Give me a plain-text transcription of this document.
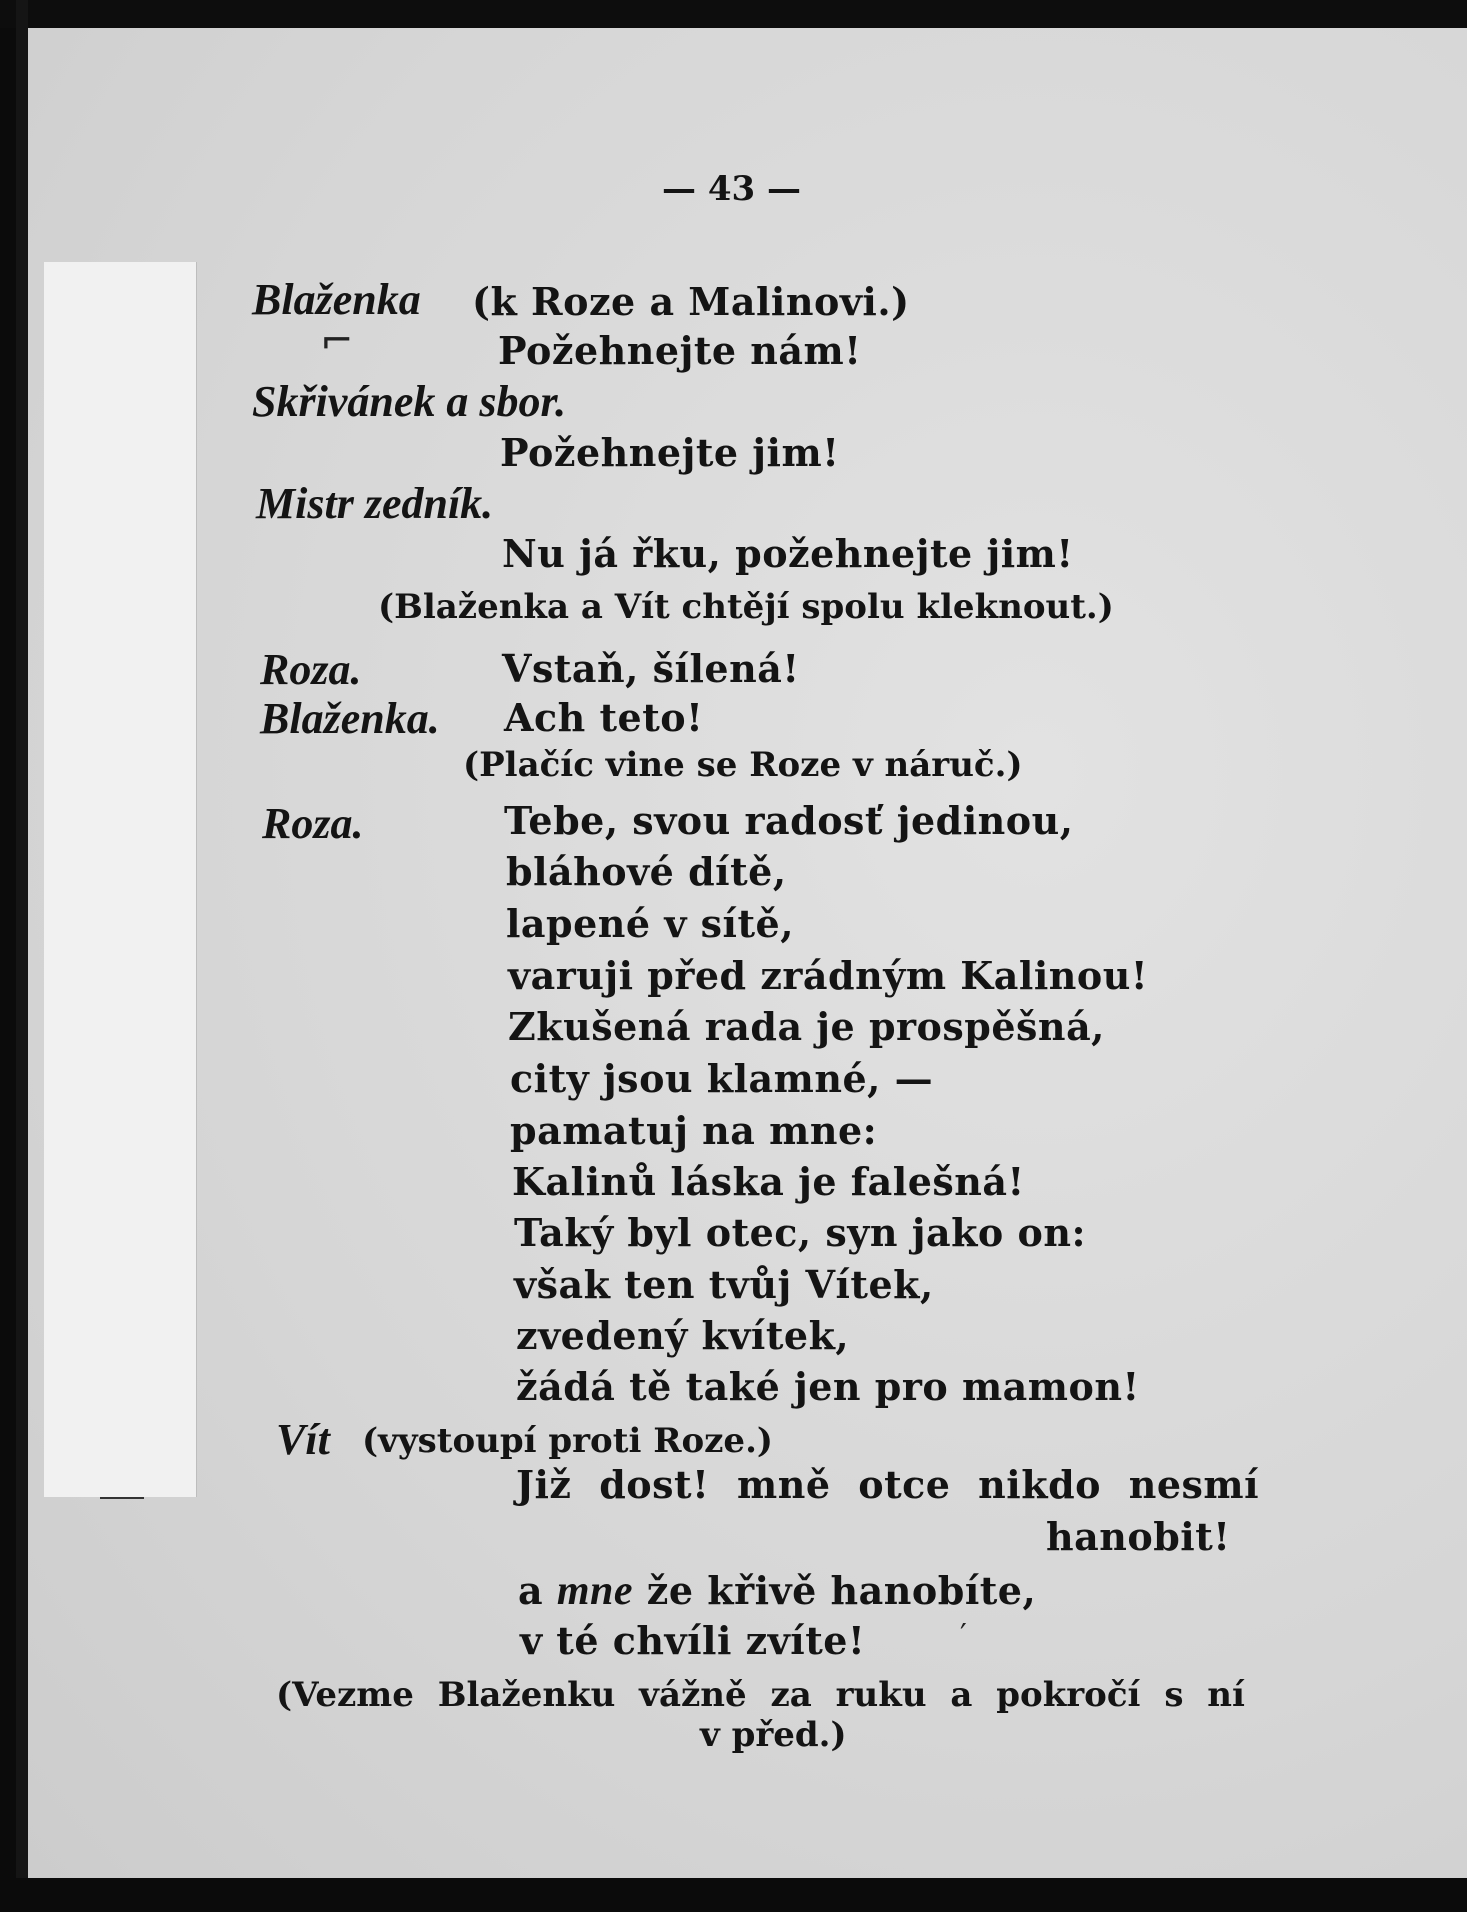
— 43 —
Blaženka (k Roze a Malinovi.)
⌐	Požehnejte nám!
Skřivánek a sbor.
Požehnejte jim!
Mistr zedník.
Nu já řku, požehnejte jim!
(Blaženka a Vít chtějí spolu kleknout.)
Roza.	Vstaň, šílená!
Blaženka. Ach teto!
(Plačíc vine se Roze v náruč.)
Roza.	Tebe, svou radosť jedinou,
bláhové dítě,
lapené v sítě,
varuji před zrádným Kalinou!
Zkušená rada je prospěšná,
city jsou klamné, —
pamatuj na mne:
Kalinů láska je falešná!
Taký byl otec, syn jako on:
však ten tvůj Vítek,
zvedený kvítek,
žádá tě také jen pro mamon!
Vít (vystoupí proti Roze.)
Již dost! mně otce nikdo nesmí
hanobit!
a mne že křivě hanobíte,
v té chvíli zvíte!	′
(Vezme Blaženku vážně za ruku a pokročí s ní
v před.)
